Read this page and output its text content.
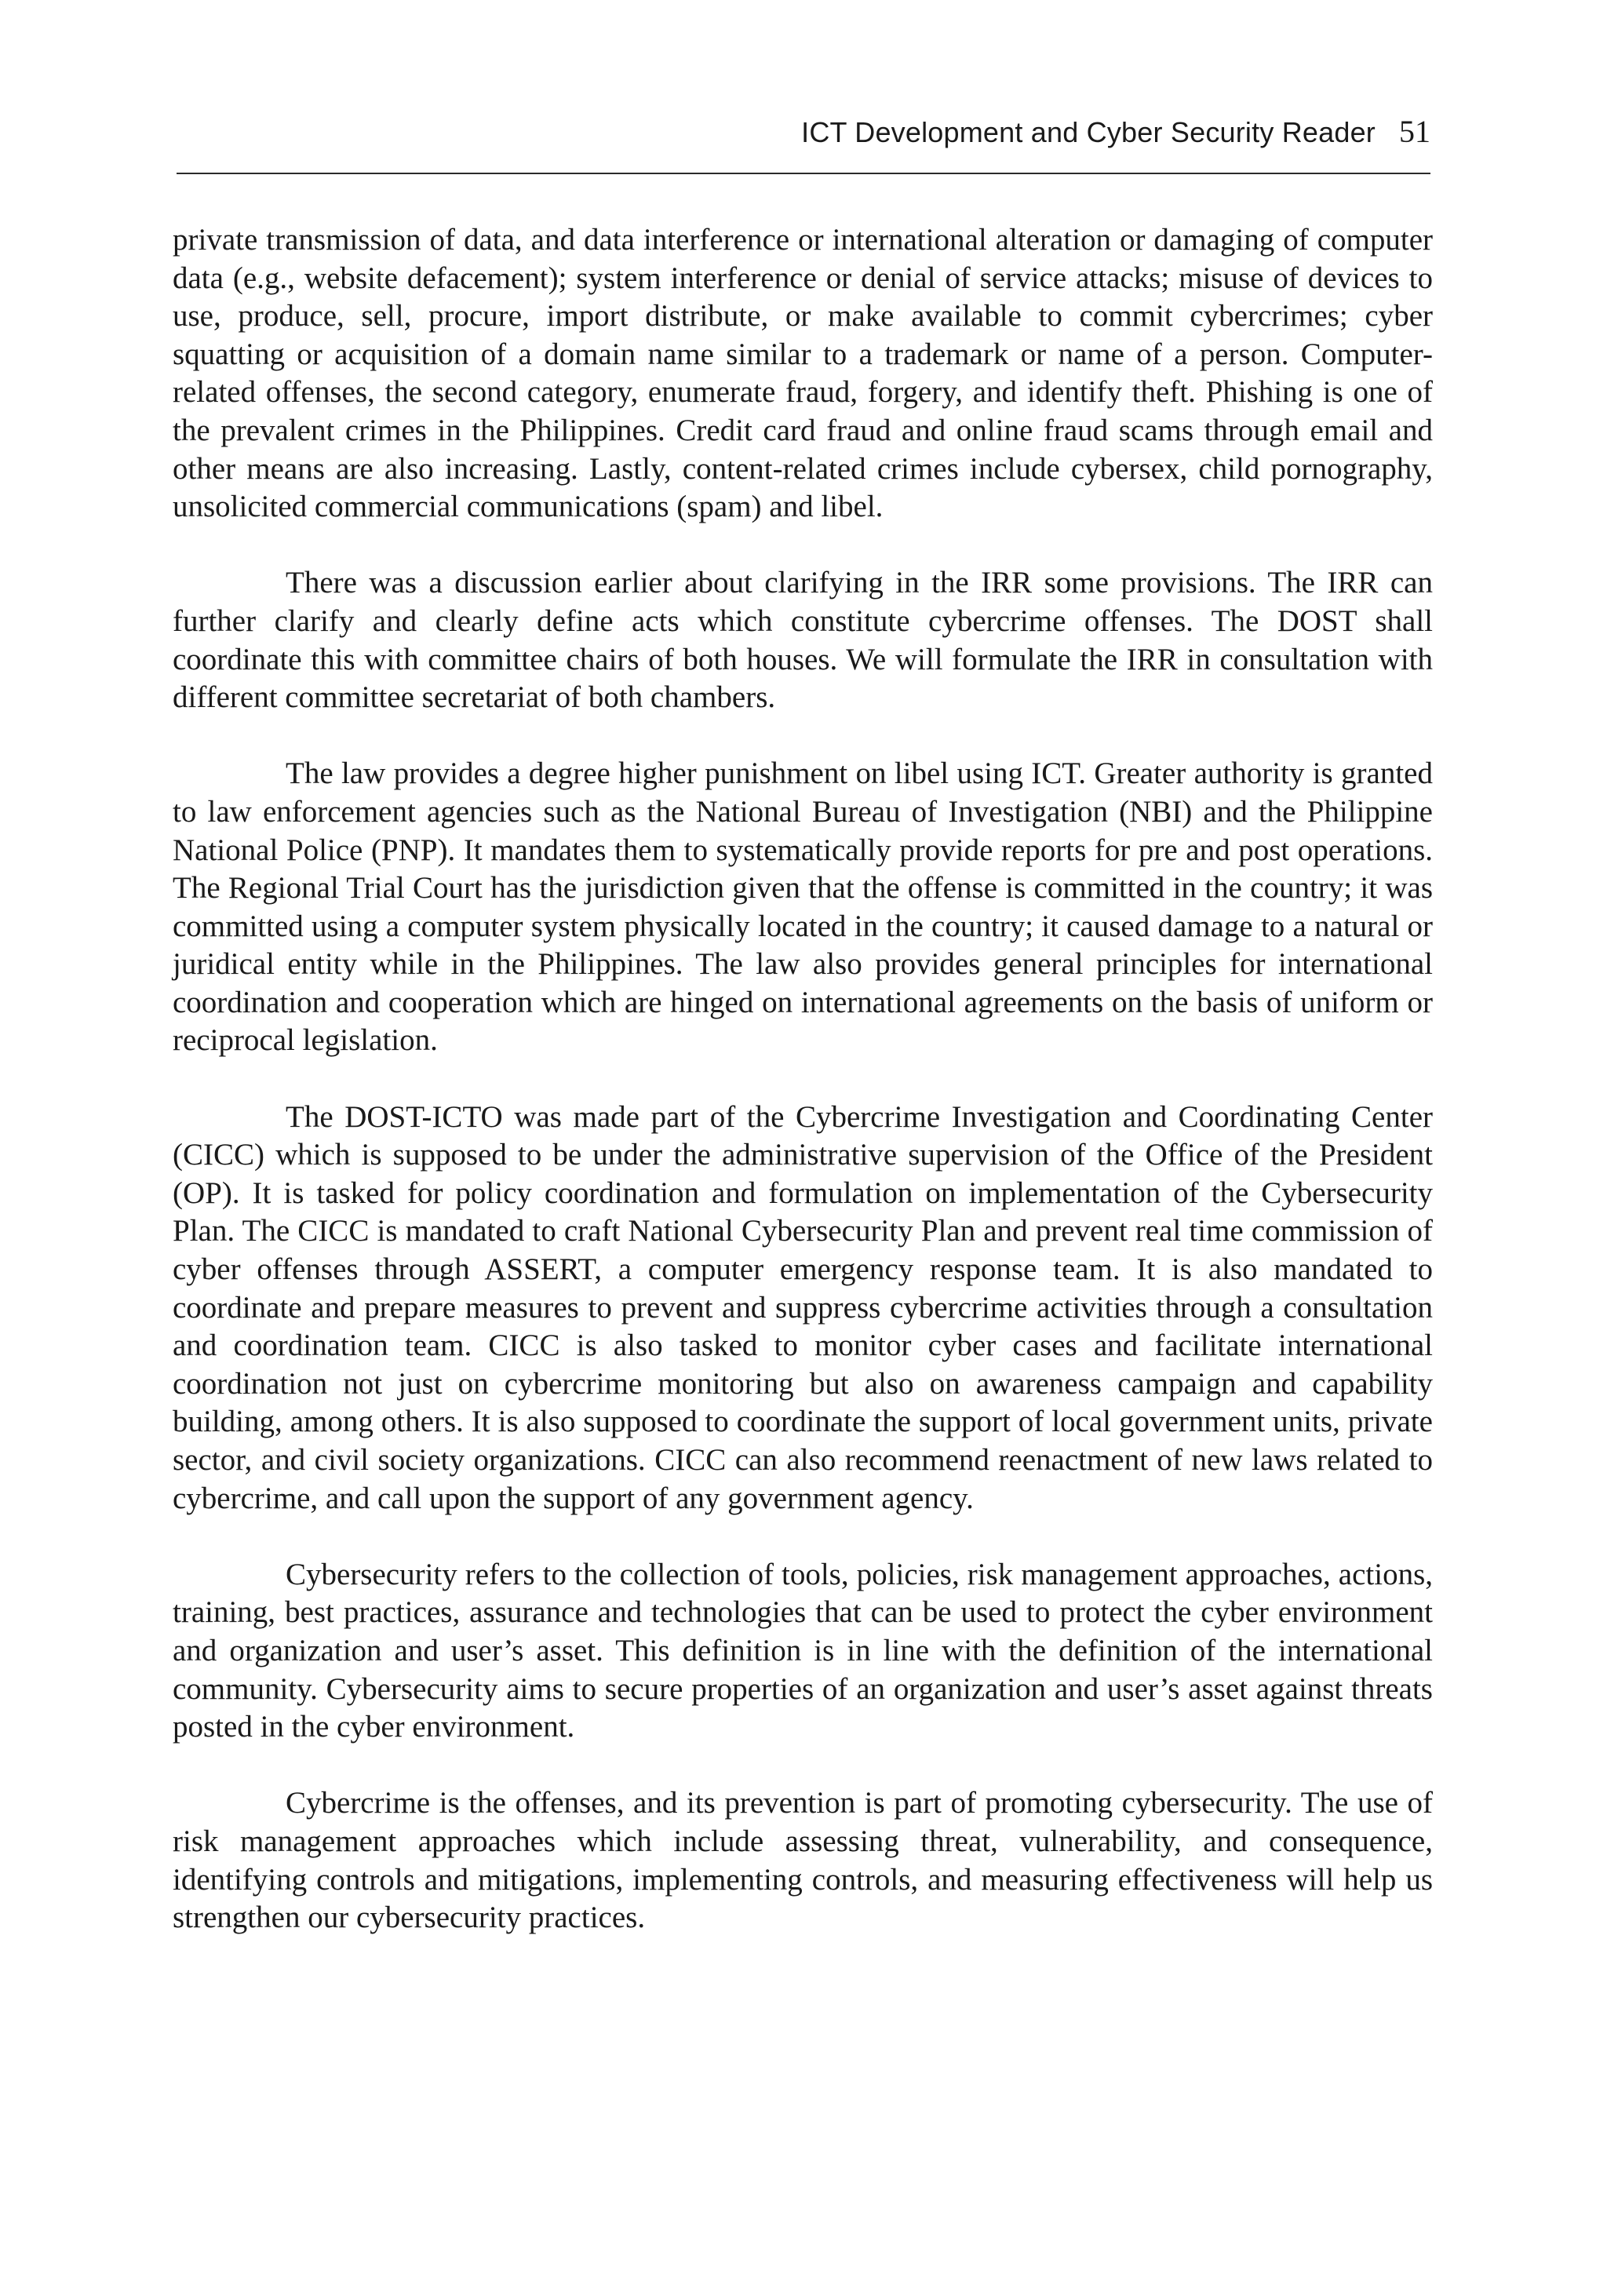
ICT Development and Cyber Security Reader 51

private transmission of data, and data interference or international alteration or damaging of computer data (e.g., website defacement); system interference or denial of service attacks; misuse of devices to use, produce, sell, procure, import distribute, or make available to commit cybercrimes; cyber squatting or acquisition of a domain name similar to a trademark or name of a person. Computer-related offenses, the second category, enumerate fraud, forgery, and identify theft. Phishing is one of the prevalent crimes in the Philippines. Credit card fraud and online fraud scams through email and other means are also increasing. Lastly, content-related crimes include cybersex, child pornography, unsolicited commercial communications (spam) and libel.

There was a discussion earlier about clarifying in the IRR some provisions. The IRR can further clarify and clearly define acts which constitute cybercrime offenses. The DOST shall coordinate this with committee chairs of both houses. We will formulate the IRR in consultation with different committee secretariat of both chambers.

The law provides a degree higher punishment on libel using ICT. Greater authority is granted to law enforcement agencies such as the National Bureau of Investigation (NBI) and the Philippine National Police (PNP). It mandates them to systematically provide reports for pre and post operations. The Regional Trial Court has the jurisdiction given that the offense is committed in the country; it was committed using a computer system physically located in the country; it caused damage to a natural or juridical entity while in the Philippines. The law also provides general principles for international coordination and cooperation which are hinged on international agreements on the basis of uniform or reciprocal legislation.

The DOST-ICTO was made part of the Cybercrime Investigation and Coordinating Center (CICC) which is supposed to be under the administrative supervision of the Office of the President (OP). It is tasked for policy coordination and formulation on implementation of the Cybersecurity Plan. The CICC is mandated to craft National Cybersecurity Plan and prevent real time commission of cyber offenses through ASSERT, a computer emergency response team. It is also mandated to coordinate and prepare measures to prevent and suppress cybercrime activities through a consultation and coordination team. CICC is also tasked to monitor cyber cases and facilitate international coordination not just on cybercrime monitoring but also on awareness campaign and capability building, among others. It is also supposed to coordinate the support of local government units, private sector, and civil society organizations. CICC can also recommend reenactment of new laws related to cybercrime, and call upon the support of any government agency.

Cybersecurity refers to the collection of tools, policies, risk management approaches, actions, training, best practices, assurance and technologies that can be used to protect the cyber environment and organization and user’s asset. This definition is in line with the definition of the international community. Cybersecurity aims to secure properties of an organization and user’s asset against threats posted in the cyber environment.

Cybercrime is the offenses, and its prevention is part of promoting cybersecurity. The use of risk management approaches which include assessing threat, vulnerability, and consequence, identifying controls and mitigations, implementing controls, and measuring effectiveness will help us strengthen our cybersecurity practices.
